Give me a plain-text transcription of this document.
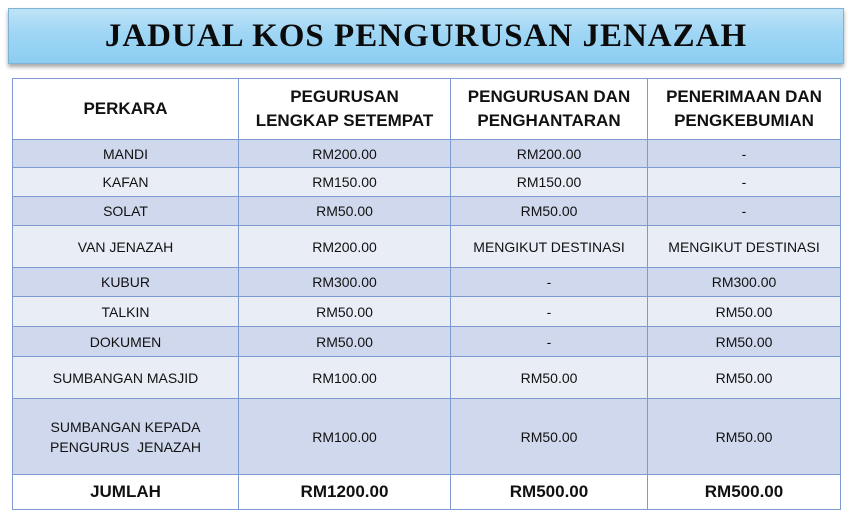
JADUAL KOS PENGURUSAN JENAZAH
PERKARA	PEGURUSAN LENGKAP SETEMPAT	PENGURUSAN DAN PENGHANTARAN	PENERIMAAN DAN PENGKEBUMIAN
MANDI	RM200.00	RM200.00	-
KAFAN	RM150.00	RM150.00	-
SOLAT	RM50.00	RM50.00	-
VAN JENAZAH	RM200.00	MENGIKUT DESTINASI	MENGIKUT DESTINASI
KUBUR	RM300.00	-	RM300.00
TALKIN	RM50.00	-	RM50.00
DOKUMEN	RM50.00	-	RM50.00
SUMBANGAN MASJID	RM100.00	RM50.00	RM50.00
SUMBANGAN KEPADA PENGURUS  JENAZAH	RM100.00	RM50.00	RM50.00
JUMLAH	RM1200.00	RM500.00	RM500.00
